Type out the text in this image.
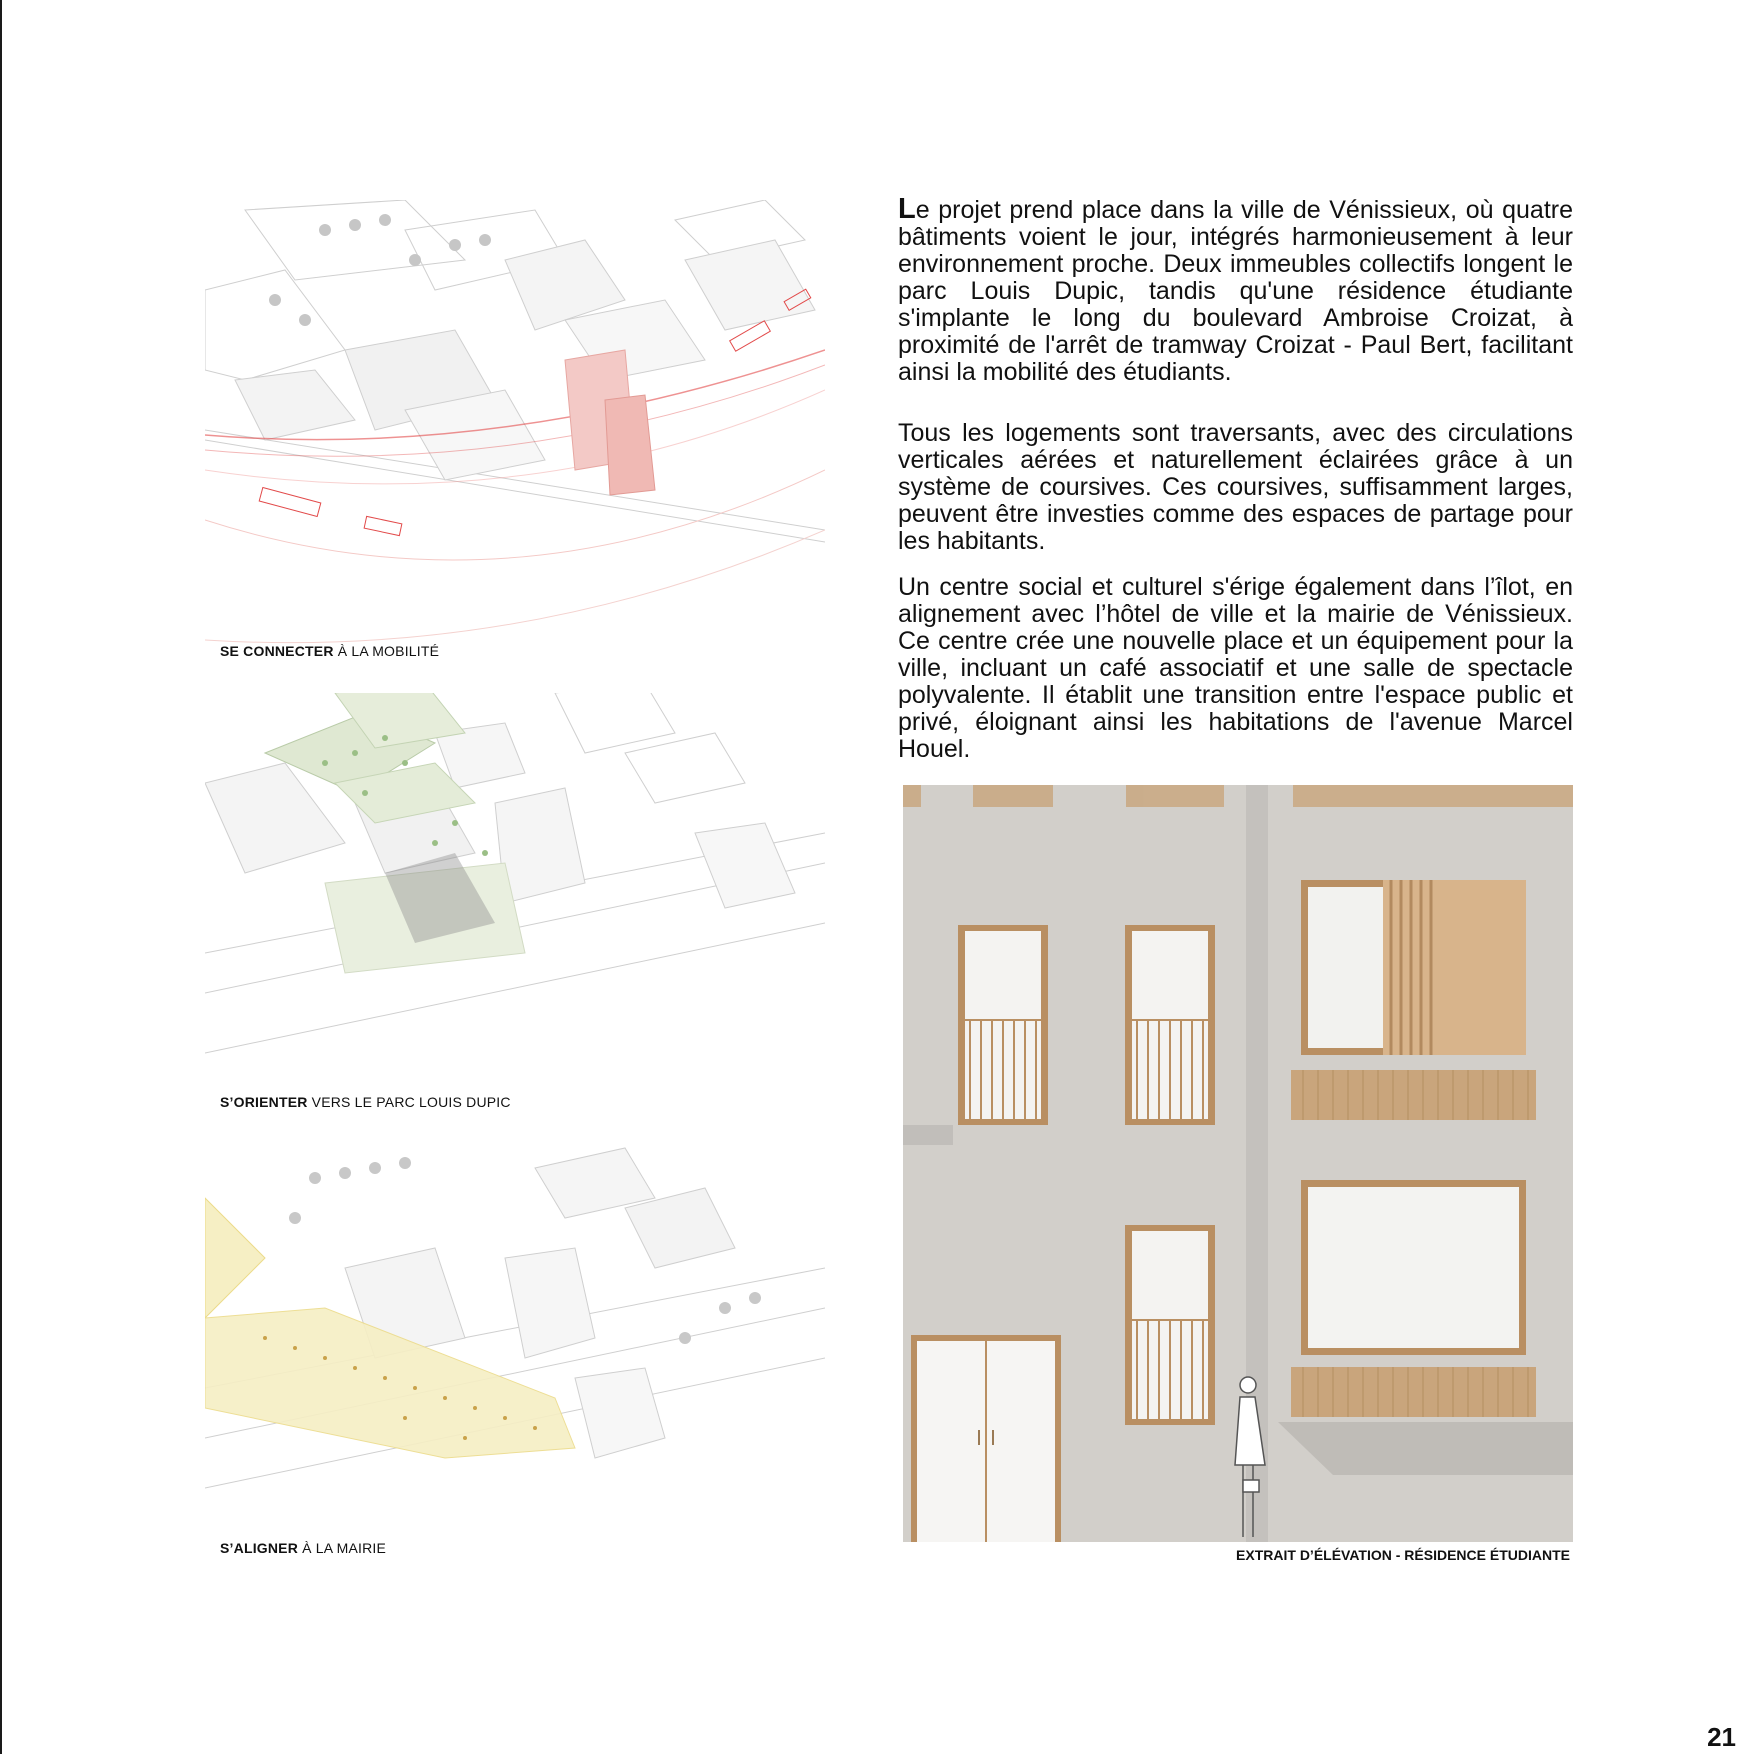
SE CONNECTER À LA MOBILITÉ
S’ORIENTER VERS LE PARC LOUIS DUPIC
S’ALIGNER À LA MAIRIE

Le projet prend place dans la ville de Vénissieux, où quatre bâtiments voient le jour, intégrés harmonieusement à leur environnement proche. Deux immeubles collectifs longent le parc Louis Dupic, tandis qu'une résidence étudiante s'implante le long du boulevard Ambroise Croizat, à proximité de l'arrêt de tramway Croizat - Paul Bert, facilitant ainsi la mobilité des étudiants.

Tous les logements sont traversants, avec des circulations verticales aérées et naturellement éclairées grâce à un système de coursives. Ces coursives, suffisamment larges, peuvent être investies comme des espaces de partage pour les habitants.

Un centre social et culturel s'érige également dans l’îlot, en alignement avec l’hôtel de ville et la mairie de Vénissieux. Ce centre crée une nouvelle place et un équipement pour la ville, incluant un café associatif et une salle de spectacle polyvalente. Il établit une transition entre l'espace public et privé, éloignant ainsi les habitations de l'avenue Marcel Houel.

EXTRAIT D’ÉLÉVATION - RÉSIDENCE ÉTUDIANTE
21
